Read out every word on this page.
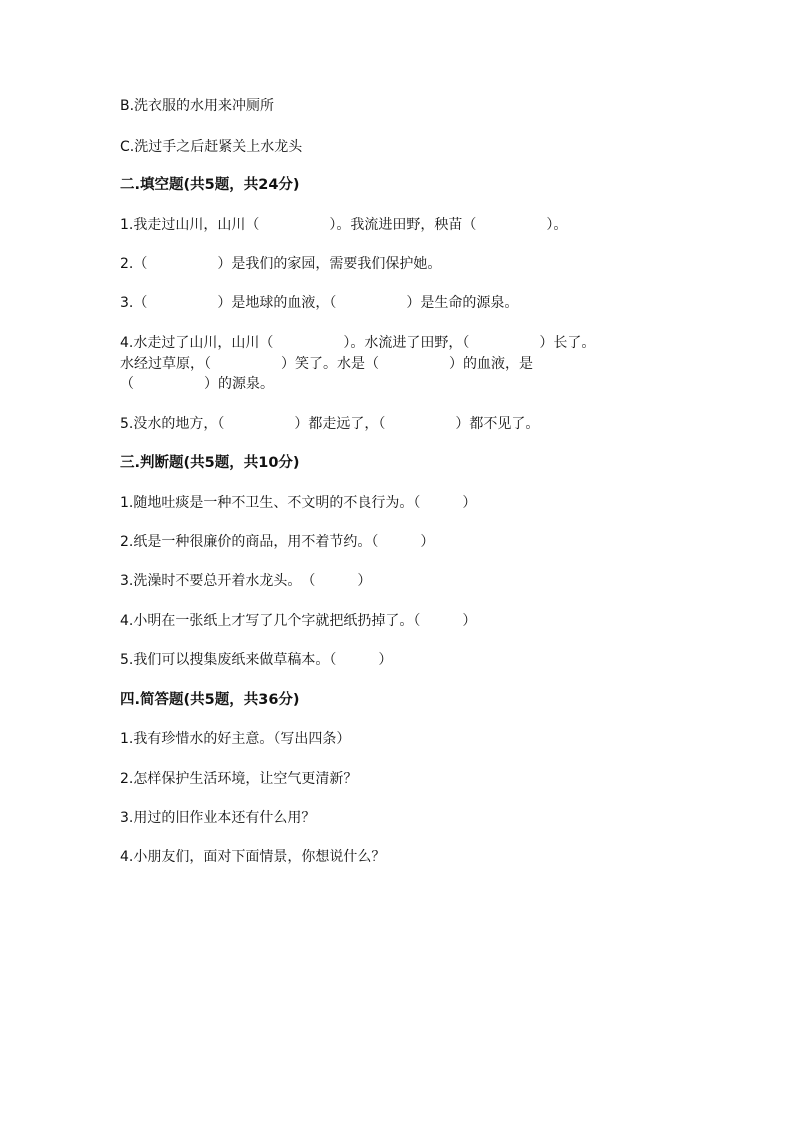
B.洗衣服的水用来冲厕所
C.洗过手之后赶紧关上水龙头
二.填空题(共5题，共24分)
1.我走过山川，山川（　　　　　）。我流进田野，秧苗（　　　　　）。
2.（　　　　　）是我们的家园，需要我们保护她。
3.（　　　　　）是地球的血液，（　　　　　）是生命的源泉。
4.水走过了山川，山川（　　　　　）。水流进了田野，（　　　　　）长了。
水经过草原，（　　　　　）笑了。水是（　　　　　）的血液，是
（　　　　　）的源泉。
5.没水的地方，（　　　　　）都走远了，（　　　　　）都不见了。
三.判断题(共5题，共10分)
1.随地吐痰是一种不卫生、不文明的不良行为。（　　　）
2.纸是一种很廉价的商品，用不着节约。（　　　）
3.洗澡时不要总开着水龙头。　（　　　）
4.小明在一张纸上才写了几个字就把纸扔掉了。（　　　）
5.我们可以搜集废纸来做草稿本。（　　　）
四.简答题(共5题，共36分)
1.我有珍惜水的好主意。（写出四条）
2.怎样保护生活环境，让空气更清新？
3.用过的旧作业本还有什么用？
4.小朋友们，面对下面情景，你想说什么？
